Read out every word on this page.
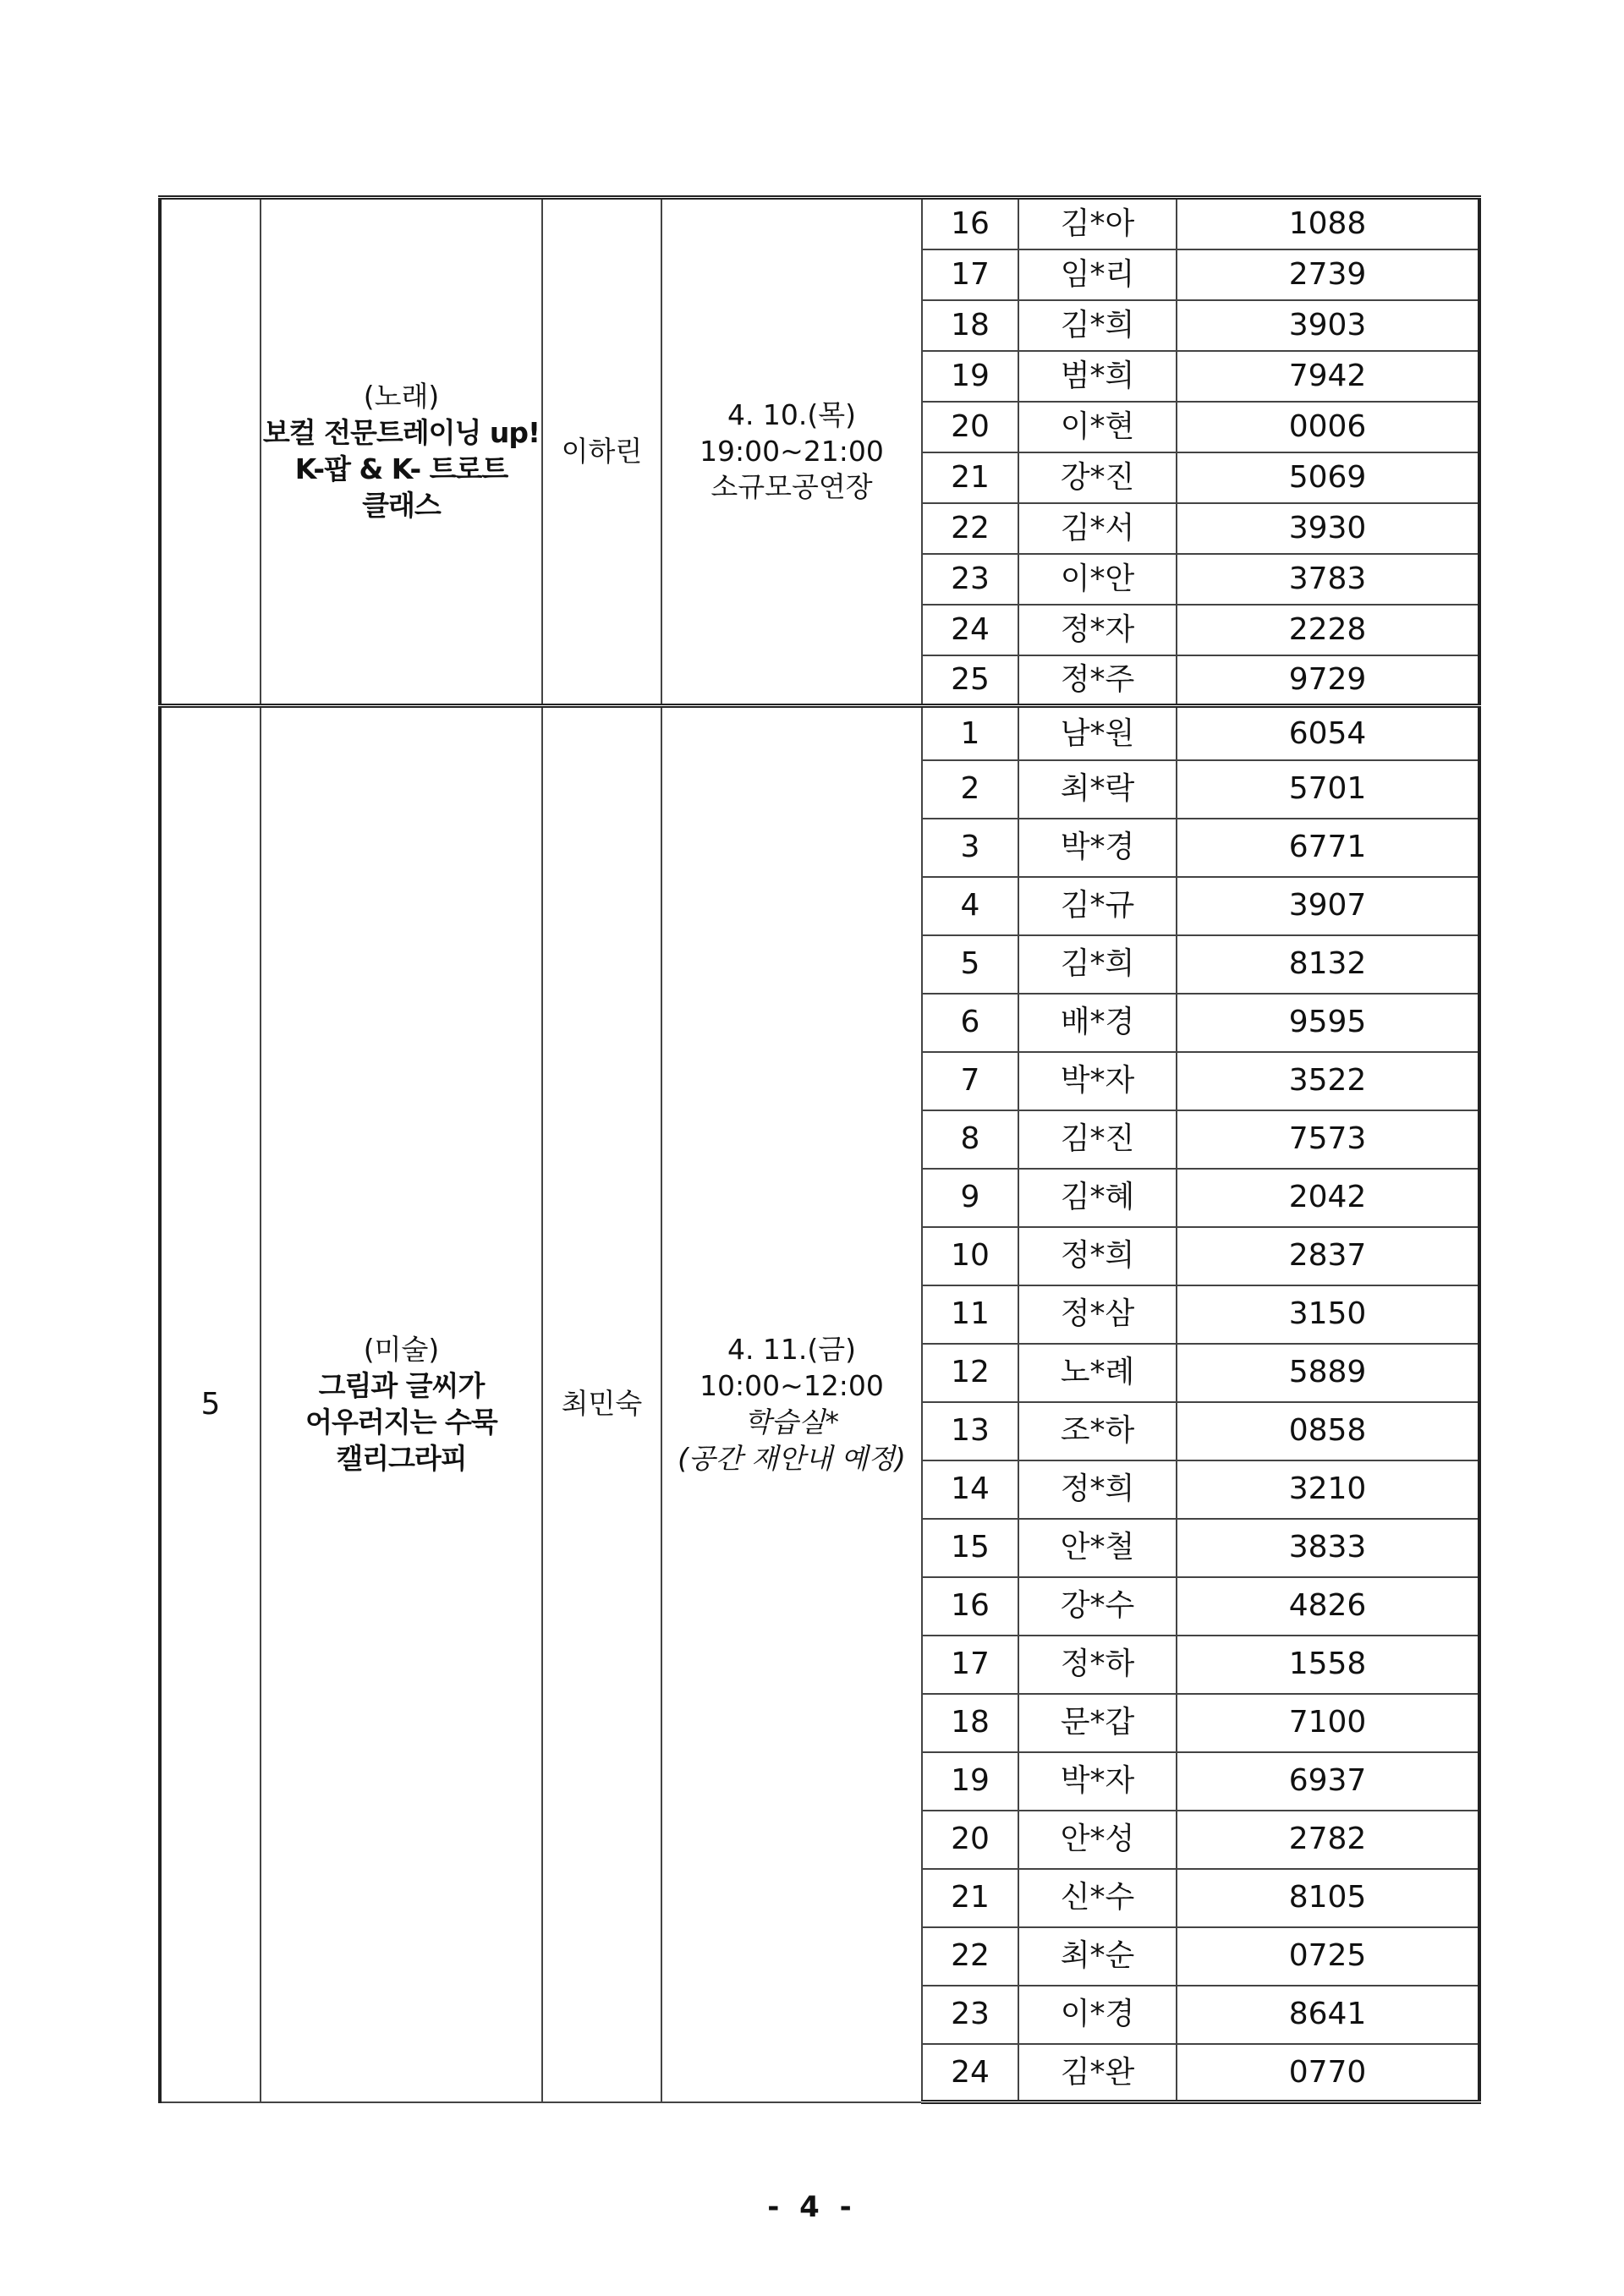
	(노래)
보컬 전문트레이닝 up!
K-팝 & K- 트로트
클래스	이하린	4. 10.(목)
19:00~21:00
소규모공연장	16	김*아	1088
				17	임*리	2739
				18	김*희	3903
				19	범*희	7942
				20	이*현	0006
				21	강*진	5069
				22	김*서	3930
				23	이*안	3783
				24	정*자	2228
				25	정*주	9729
5	(미술)
그림과 글씨가
어우러지는 수묵
캘리그라피	최민숙	4. 11.(금)
10:00~12:00
학습실*
(공간 재안내 예정)	1	남*원	6054
				2	최*락	5701
				3	박*경	6771
				4	김*규	3907
				5	김*희	8132
				6	배*경	9595
				7	박*자	3522
				8	김*진	7573
				9	김*혜	2042
				10	정*희	2837
				11	정*삼	3150
				12	노*례	5889
				13	조*하	0858
				14	정*희	3210
				15	안*철	3833
				16	강*수	4826
				17	정*하	1558
				18	문*갑	7100
				19	박*자	6937
				20	안*성	2782
				21	신*수	8105
				22	최*순	0725
				23	이*경	8641
				24	김*완	0770
- 4 -
